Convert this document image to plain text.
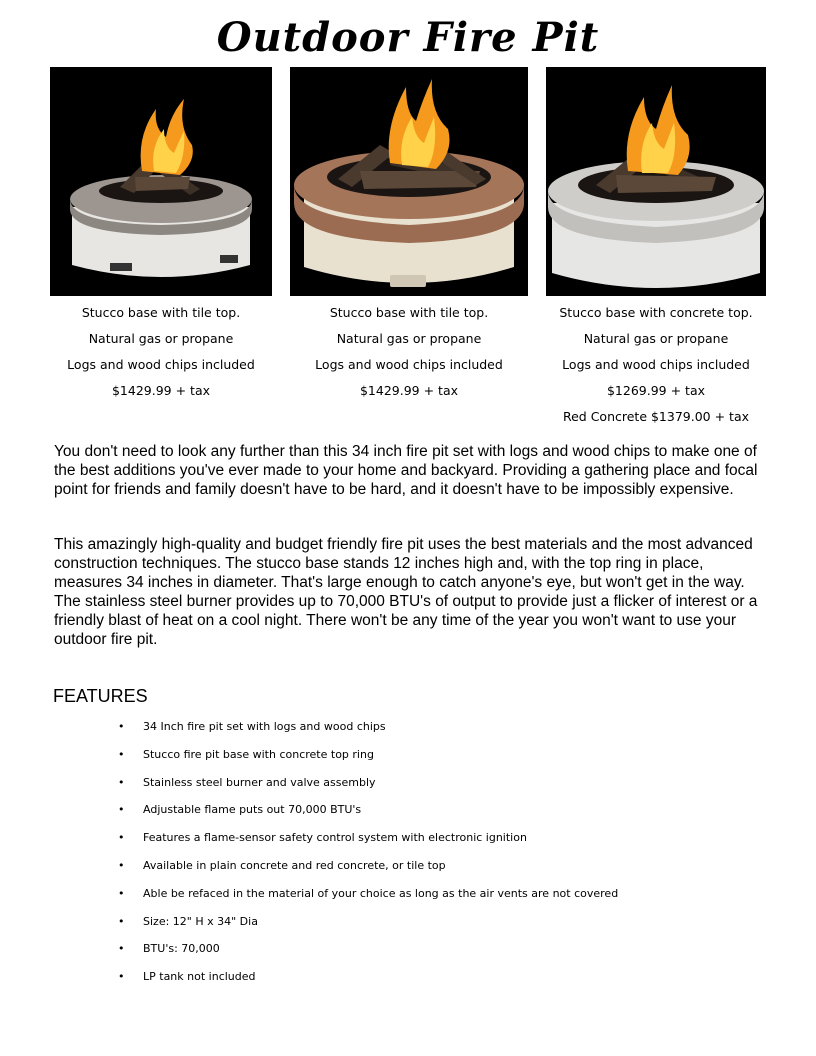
Outdoor Fire Pit
Stucco base with tile top.
Natural gas or propane
Logs and wood chips included
$1429.99 + tax
Stucco base with tile top.
Natural gas or propane
Logs and wood chips included
$1429.99 + tax
Stucco base with concrete top.
Natural gas or propane
Logs and wood chips included
$1269.99 + tax
Red Concrete $1379.00 + tax

You don't need to look any further than this 34 inch fire pit set with logs and wood chips to make one of the best additions you've ever made to your home and backyard. Providing a gathering place and focal point for friends and family doesn't have to be hard, and it doesn't have to be impossibly expensive.

This amazingly high-quality and budget friendly fire pit uses the best materials and the most advanced construction techniques. The stucco base stands 12 inches high and, with the top ring in place, measures 34 inches in diameter. That's large enough to catch anyone's eye, but won't get in the way. The stainless steel burner provides up to 70,000 BTU's of output to provide just a flicker of interest or a friendly blast of heat on a cool night. There won't be any time of the year you won't want to use your outdoor fire pit.

FEATURES
• 34 Inch fire pit set with logs and wood chips
• Stucco fire pit base with concrete top ring
• Stainless steel burner and valve assembly
• Adjustable flame puts out 70,000 BTU's
• Features a flame-sensor safety control system with electronic ignition
• Available in plain concrete and red concrete, or tile top
• Able be refaced in the material of your choice as long as the air vents are not covered
• Size: 12" H x 34" Dia
• BTU's: 70,000
• LP tank not included
